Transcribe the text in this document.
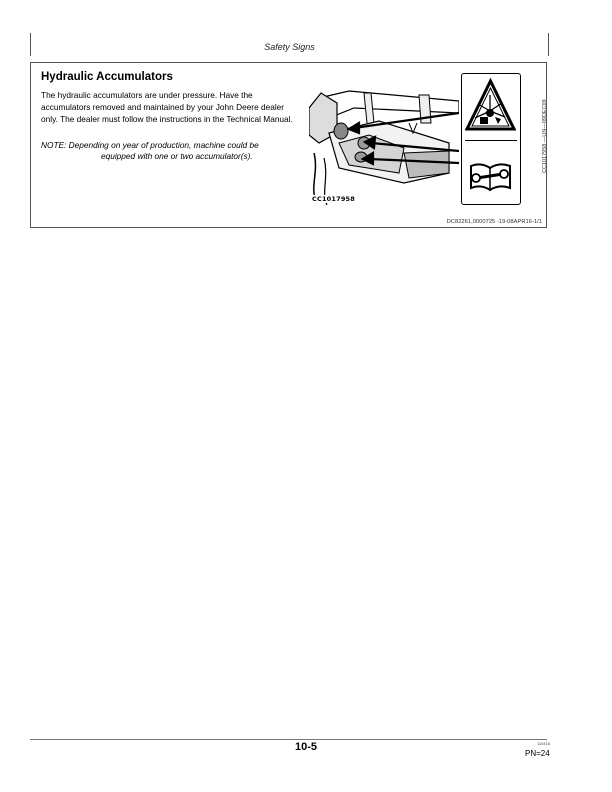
Safety Signs
Hydraulic Accumulators
The hydraulic accumulators are under pressure. Have the accumulators removed and maintained by your John Deere dealer only. The dealer must follow the instructions in the Technical Manual.
NOTE: Depending on year of production, machine could be equipped with one or two accumulator(s).
CC1017958
CC1017958 —UN—09DEC09
DC82261,0000725 -19-08APR16-1/1
10-5	110416
PN=24
